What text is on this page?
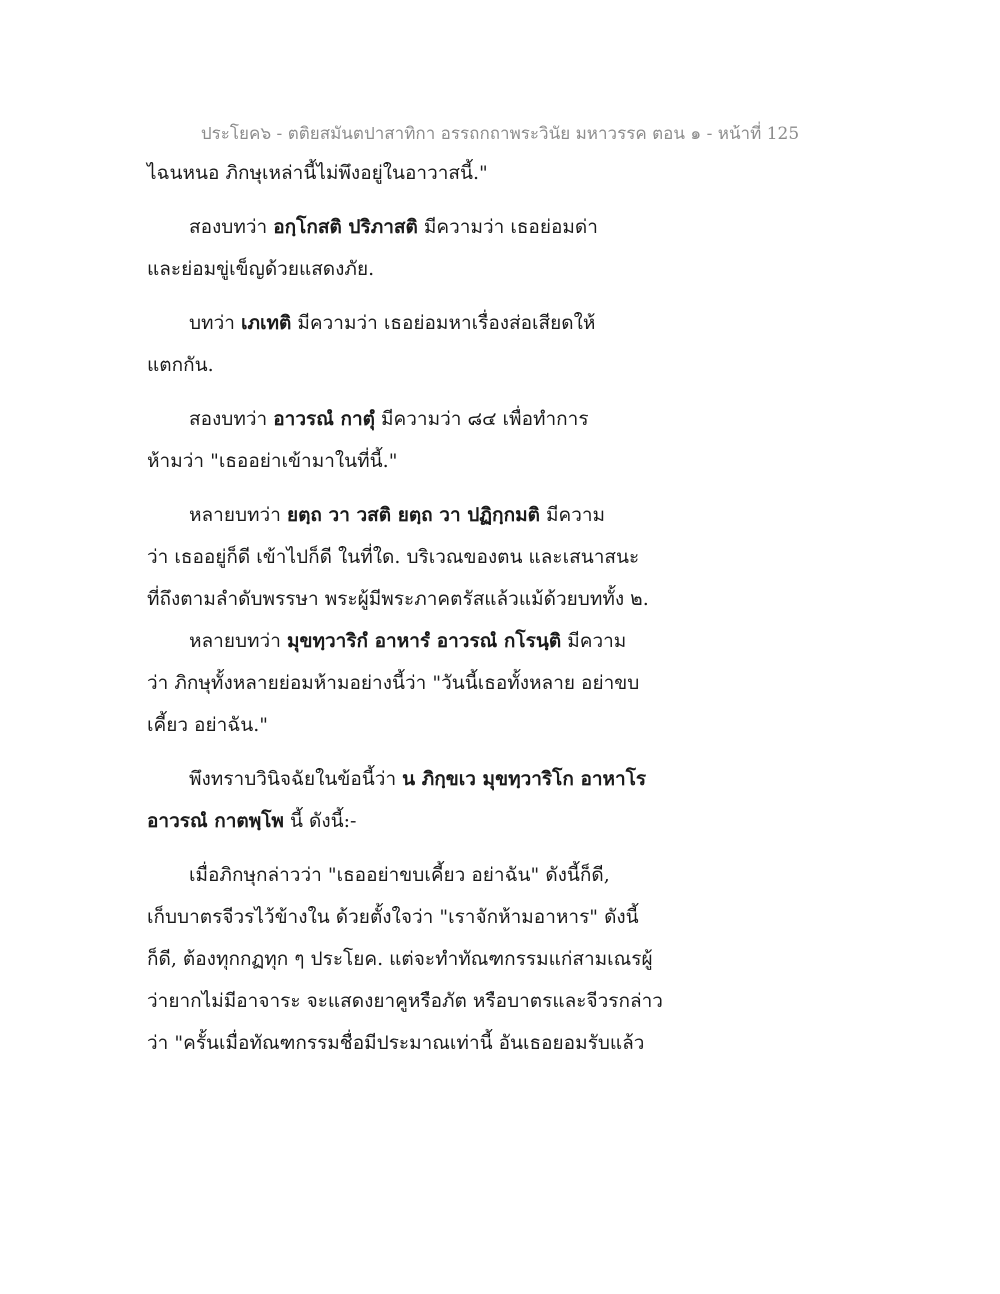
ประโยค๖ - ตติยสมันตปาสาทิกา อรรถกถาพระวินัย มหาวรรค ตอน ๑ - หน้าที่ 125
ไฉนหนอ ภิกษุเหล่านี้ไม่พึงอยู่ในอาวาสนี้."
สองบทว่า อกฺโกสติ ปริภาสติ มีความว่า เธอย่อมด่า
และย่อมขู่เข็ญด้วยแสดงภัย.
บทว่า เภเทติ มีความว่า เธอย่อมหาเรื่องส่อเสียดให้
แตกกัน.
สองบทว่า อาวรณํ กาตุํ มีความว่า ๘๔ เพื่อทำการ
ห้ามว่า "เธออย่าเข้ามาในที่นี้."
หลายบทว่า ยตฺถ วา วสติ ยตฺถ วา ปฏิกฺกมติ มีความ
ว่า เธออยู่ก็ดี เข้าไปก็ดี ในที่ใด. บริเวณของตน และเสนาสนะ
ที่ถึงตามลำดับพรรษา พระผู้มีพระภาคตรัสแล้วแม้ด้วยบททั้ง ๒.
หลายบทว่า มุขทฺวาริกํ อาหารํ อาวรณํ กโรนฺติ มีความ
ว่า ภิกษุทั้งหลายย่อมห้ามอย่างนี้ว่า "วันนี้เธอทั้งหลาย อย่าขบ
เคี้ยว อย่าฉัน."
พึงทราบวินิจฉัยในข้อนี้ว่า น ภิกฺขเว มุขทฺวาริโก อาหาโร
อาวรณํ กาตพฺโพ นี้ ดังนี้:-
เมื่อภิกษุกล่าวว่า "เธออย่าขบเคี้ยว อย่าฉัน" ดังนี้ก็ดี,
เก็บบาตรจีวรไว้ข้างใน ด้วยตั้งใจว่า "เราจักห้ามอาหาร" ดังนี้
ก็ดี, ต้องทุกกฏทุก ๆ ประโยค. แต่จะทำทัณฑกรรมแก่สามเณรผู้
ว่ายากไม่มีอาจาระ จะแสดงยาคูหรือภัต หรือบาตรและจีวรกล่าว
ว่า "ครั้นเมื่อทัณฑกรรมชื่อมีประมาณเท่านี้ อันเธอยอมรับแล้ว
